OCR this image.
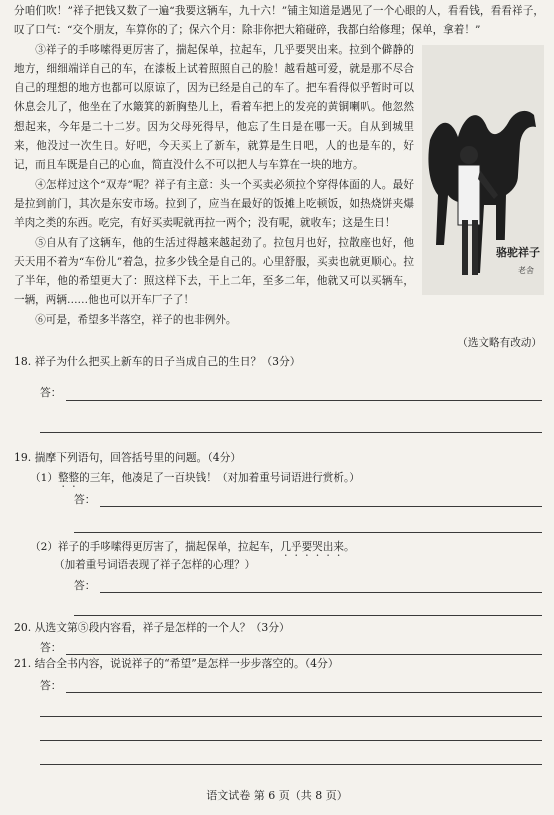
分咱们吹！”祥子把钱又数了一遍“我要这辆车，九十六！”铺主知道是遇见了一个心眼的人，看看钱，看看祥子，叹了口气：“交个朋友，车算你的了；保六个月：除非你把大箱碰碎，我都白给修理；保单，拿着！”

骆驼祥子
老舍

③祥子的手哆嗦得更厉害了，揣起保单，拉起车，几乎要哭出来。拉到个僻静的地方，细细端详自己的车，在漆板上试着照照自己的脸！越看越可爱，就是那不尽合自己的理想的地方也都可以原谅了，因为已经是自己的车了。把车看得似乎暂时可以休息会儿了，他坐在了水簸箕的新胸垫儿上，看着车把上的发亮的黄铜喇叭。他忽然想起来，今年是二十二岁。因为父母死得早，他忘了生日是在哪一天。自从到城里来，他没过一次生日。好吧，今天买上了新车，就算是生日吧，人的也是车的，好记，而且车既是自己的心血，简直没什么不可以把人与车算在一块的地方。

④怎样过这个“双寿”呢？祥子有主意：头一个买卖必须拉个穿得体面的人。最好是拉到前门，其次是东安市场。拉到了，应当在最好的饭摊上吃顿饭，如热烧饼夹爆羊肉之类的东西。吃完，有好买卖呢就再拉一两个；没有呢，就收车；这是生日！

⑤自从有了这辆车，他的生活过得越来越起劲了。拉包月也好，拉散座也好，他天天用不着为“车份儿”着急，拉多少钱全是自己的。心里舒服，买卖也就更顺心。拉了半年，他的希望更大了：照这样下去，干上二年，至多二年，他就又可以买辆车，一辆，两辆……他也可以开车厂子了！

⑥可是，希望多半落空，祥子的也非例外。

（选文略有改动）
18. 祥子为什么把买上新车的日子当成自己的生日？（3分）
答：
19. 揣摩下列语句，回答括号里的问题。（4分）
（1）整整的三年，他凑足了一百块钱！（对加着重号词语进行赏析。）
答：
（2）祥子的手哆嗦得更厉害了，揣起保单，拉起车，几乎要哭出来。
（加着重号词语表现了祥子怎样的心理？）
答：
20. 从选文第⑤段内容看，祥子是怎样的一个人？（3分）
答：
21. 结合全书内容，说说祥子的“希望”是怎样一步步落空的。（4分）
答：
语文试卷 第 6 页（共 8 页）
